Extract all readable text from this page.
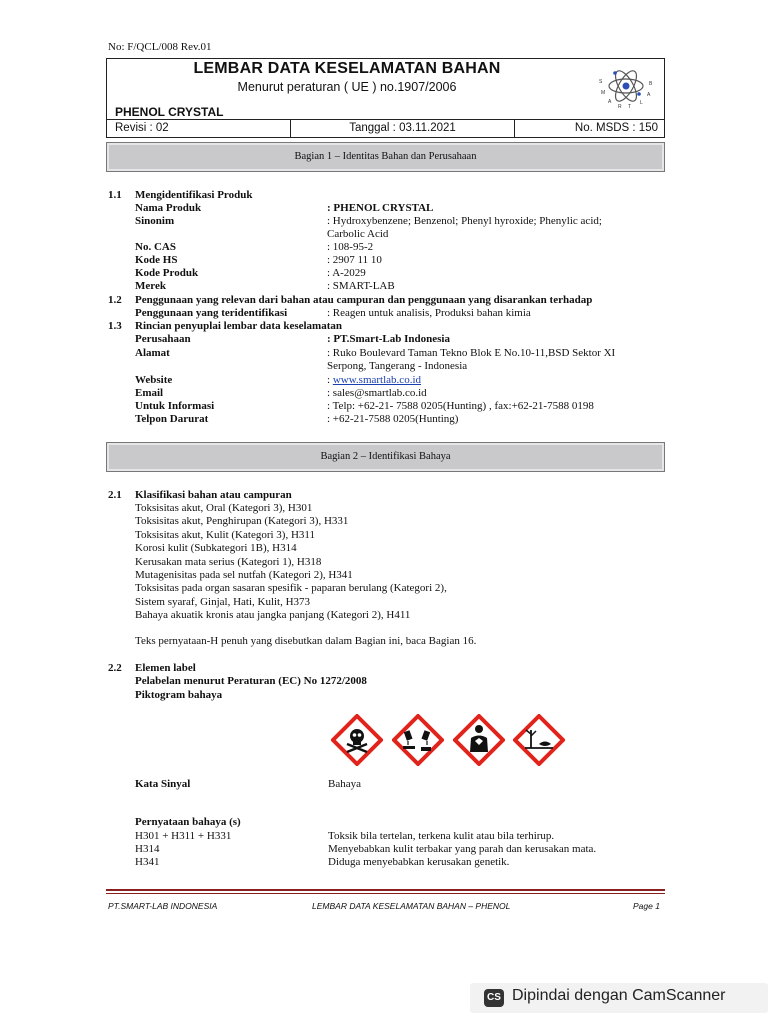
No: F/QCL/008 Rev.01
LEMBAR DATA KESELAMATAN BAHAN
Menurut peraturan ( UE ) no.1907/2006
PHENOL CRYSTAL
S
M
A
R T
L
A
B
Revisi : 02	Tanggal : 03.11.2021	No. MSDS : 150
Bagian 1 – Identitas Bahan dan Perusahaan
1.1 Mengidentifikasi Produk
Nama Produk	: PHENOL CRYSTAL
Sinonim	: Hydroxybenzene; Benzenol; Phenyl hyroxide; Phenylic acid;
Carbolic Acid
No. CAS	: 108-95-2
Kode HS	: 2907 11 10
Kode Produk	: A-2029
Merek	: SMART-LAB
1.2 Penggunaan yang relevan dari bahan atau campuran dan penggunaan yang disarankan terhadap
Penggunaan yang teridentifikasi	: Reagen untuk analisis, Produksi bahan kimia
1.3 Rincian penyuplai lembar data keselamatan
Perusahaan	: PT.Smart-Lab Indonesia
Alamat	: Ruko Boulevard Taman Tekno Blok E No.10-11,BSD Sektor XI
Serpong, Tangerang - Indonesia
Website	: www.smartlab.co.id
Email	: sales@smartlab.co.id
Untuk Informasi	: Telp: +62-21- 7588 0205(Hunting) , fax:+62-21-7588 0198
Telpon Darurat	: +62-21-7588 0205(Hunting)
Bagian 2 – Identifikasi Bahaya
2.1 Klasifikasi bahan atau campuran
Toksisitas akut, Oral (Kategori 3), H301
Toksisitas akut, Penghirupan (Kategori 3), H331
Toksisitas akut, Kulit (Kategori 3), H311
Korosi kulit (Subkategori 1B), H314
Kerusakan mata serius (Kategori 1), H318
Mutagenisitas pada sel nutfah (Kategori 2), H341
Toksisitas pada organ sasaran spesifik - paparan berulang (Kategori 2),
Sistem syaraf, Ginjal, Hati, Kulit, H373
Bahaya akuatik kronis atau jangka panjang (Kategori 2), H411
Teks pernyataan-H penuh yang disebutkan dalam Bagian ini, baca Bagian 16.
2.2 Elemen label
Pelabelan menurut Peraturan (EC) No 1272/2008
Piktogram bahaya
Kata Sinyal	Bahaya
Pernyataan bahaya (s)
H301 + H311 + H331	Toksik bila tertelan, terkena kulit atau bila terhirup.
H314	Menyebabkan kulit terbakar yang parah dan kerusakan mata.
H341	Diduga menyebabkan kerusakan genetik.
PT.SMART-LAB INDONESIA	LEMBAR DATA KESELAMATAN BAHAN – PHENOL	Page 1
CS Dipindai dengan CamScanner
